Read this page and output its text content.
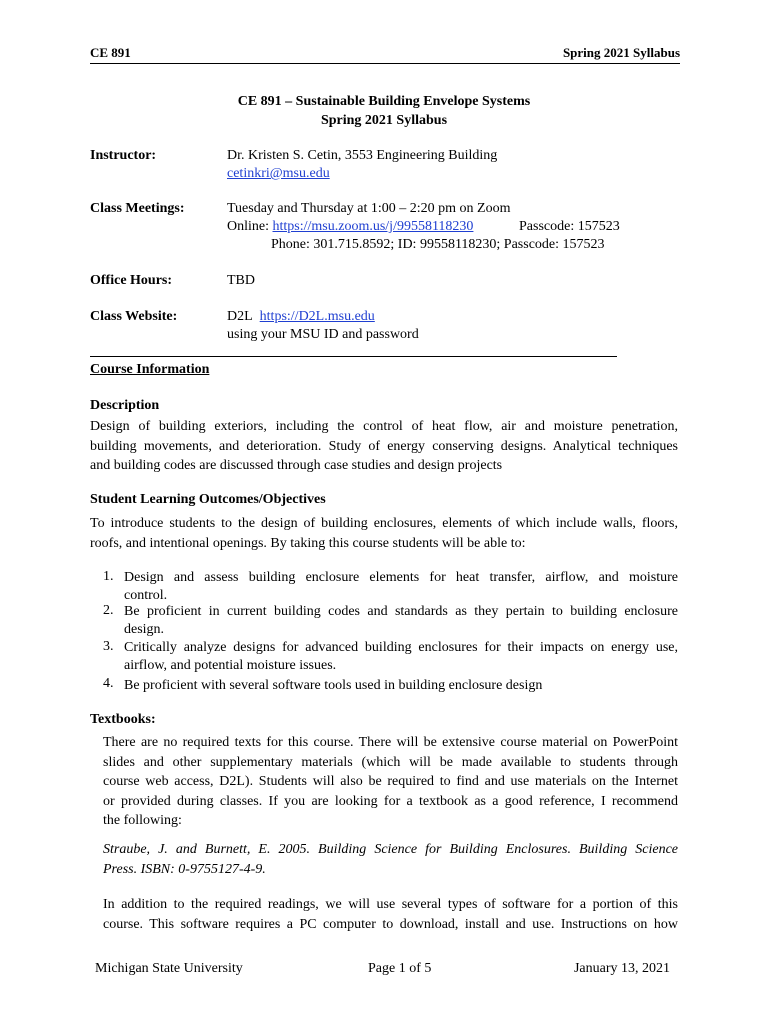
CE 891	Spring 2021 Syllabus
CE 891 – Sustainable Building Envelope Systems
Spring 2021 Syllabus
Instructor:	Dr. Kristen S. Cetin, 3553 Engineering Building
cetinkri@msu.edu
Class Meetings:	Tuesday and Thursday at 1:00 – 2:20 pm on Zoom
Online: https://msu.zoom.us/j/99558118230	Passcode: 157523
Phone: 301.715.8592; ID: 99558118230; Passcode: 157523
Office Hours:	TBD
Class Website:	D2L https://D2L.msu.edu
using your MSU ID and password
Course Information
Description
Design of building exteriors, including the control of heat flow, air and moisture penetration,
building movements, and deterioration. Study of energy conserving designs. Analytical techniques
and building codes are discussed through case studies and design projects
Student Learning Outcomes/Objectives
To introduce students to the design of building enclosures, elements of which include walls, floors,
roofs, and intentional openings. By taking this course students will be able to:
1. Design and assess building enclosure elements for heat transfer, airflow, and moisture
control.
2. Be proficient in current building codes and standards as they pertain to building enclosure
design.
3. Critically analyze designs for advanced building enclosures for their impacts on energy use,
airflow, and potential moisture issues.
4. Be proficient with several software tools used in building enclosure design
Textbooks:
There are no required texts for this course. There will be extensive course material on PowerPoint
slides and other supplementary materials (which will be made available to students through
course web access, D2L). Students will also be required to find and use materials on the Internet
or provided during classes. If you are looking for a textbook as a good reference, I recommend
the following:
Straube, J. and Burnett, E. 2005. Building Science for Building Enclosures. Building Science
Press. ISBN: 0-9755127-4-9.
In addition to the required readings, we will use several types of software for a portion of this
course. This software requires a PC computer to download, install and use. Instructions on how
Michigan State University	Page 1 of 5	January 13, 2021
